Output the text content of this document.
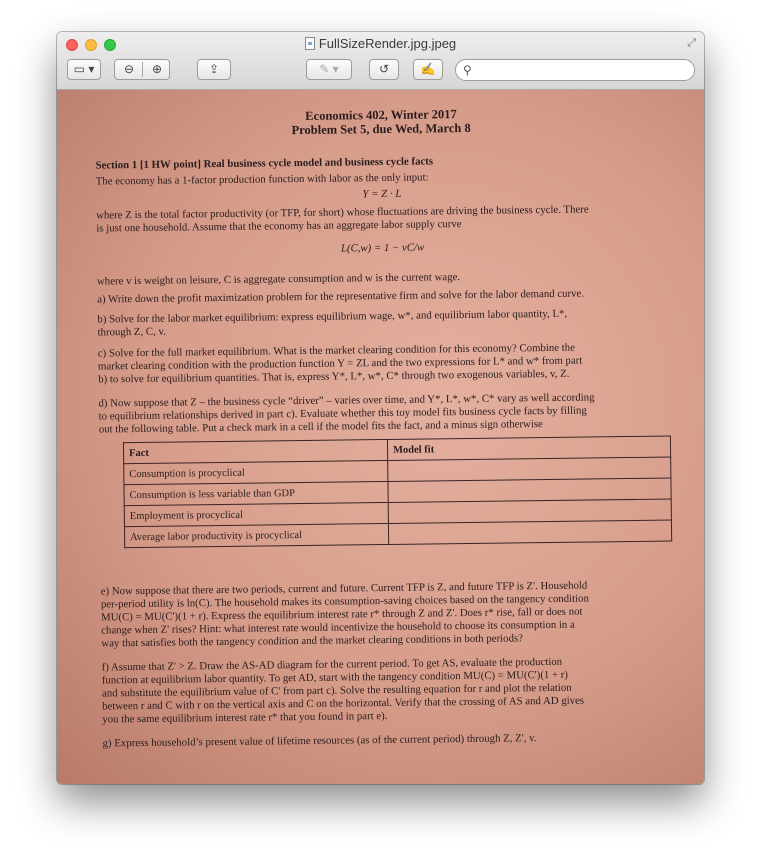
FullSizeRender.jpg.jpeg	⤢
▭ ▾	⊖	⊕	⇪	✎ ▾	↺	✍	⚲
Economics 402, Winter 2017
Problem Set 5, due Wed, March 8
Section 1 [1 HW point] Real business cycle model and business cycle facts
The economy has a 1-factor production function with labor as the only input:
Y = Z · L
where Z is the total factor productivity (or TFP, for short) whose fluctuations are driving the business cycle. There
is just one household. Assume that the economy has an aggregate labor supply curve
L(C,w) = 1 − vC/w
where v is weight on leisure, C is aggregate consumption and w is the current wage.
a) Write down the profit maximization problem for the representative firm and solve for the labor demand curve.
b) Solve for the labor market equilibrium: express equilibrium wage, w*, and equilibrium labor quantity, L*,
through Z, C, v.
c) Solve for the full market equilibrium. What is the market clearing condition for this economy? Combine the
market clearing condition with the production function Y = ZL and the two expressions for L* and w* from part
b) to solve for equilibrium quantities. That is, express Y*, L*, w*, C* through two exogenous variables, v, Z.
d) Now suppose that Z – the business cycle “driver” – varies over time, and Y*, L*, w*, C* vary as well according
to equilibrium relationships derived in part c). Evaluate whether this toy model fits business cycle facts by filling
out the following table. Put a check mark in a cell if the model fits the fact, and a minus sign otherwise
Fact	Model fit
Consumption is procyclical	
Consumption is less variable than GDP	
Employment is procyclical	
Average labor productivity is procyclical	
e) Now suppose that there are two periods, current and future. Current TFP is Z, and future TFP is Z'. Household
per-period utility is ln(C). The household makes its consumption-saving choices based on the tangency condition
MU(C) = MU(C')(1 + r). Express the equilibrium interest rate r* through Z and Z'. Does r* rise, fall or does not
change when Z' rises? Hint: what interest rate would incentivize the household to choose its consumption in a
way that satisfies both the tangency condition and the market clearing conditions in both periods?
f) Assume that Z' > Z. Draw the AS-AD diagram for the current period. To get AS, evaluate the production
function at equilibrium labor quantity. To get AD, start with the tangency condition MU(C) = MU(C')(1 + r)
and substitute the equilibrium value of C' from part c). Solve the resulting equation for r and plot the relation
between r and C with r on the vertical axis and C on the horizontal. Verify that the crossing of AS and AD gives
you the same equilibrium interest rate r* that you found in part e).
g) Express household’s present value of lifetime resources (as of the current period) through Z, Z', v.
